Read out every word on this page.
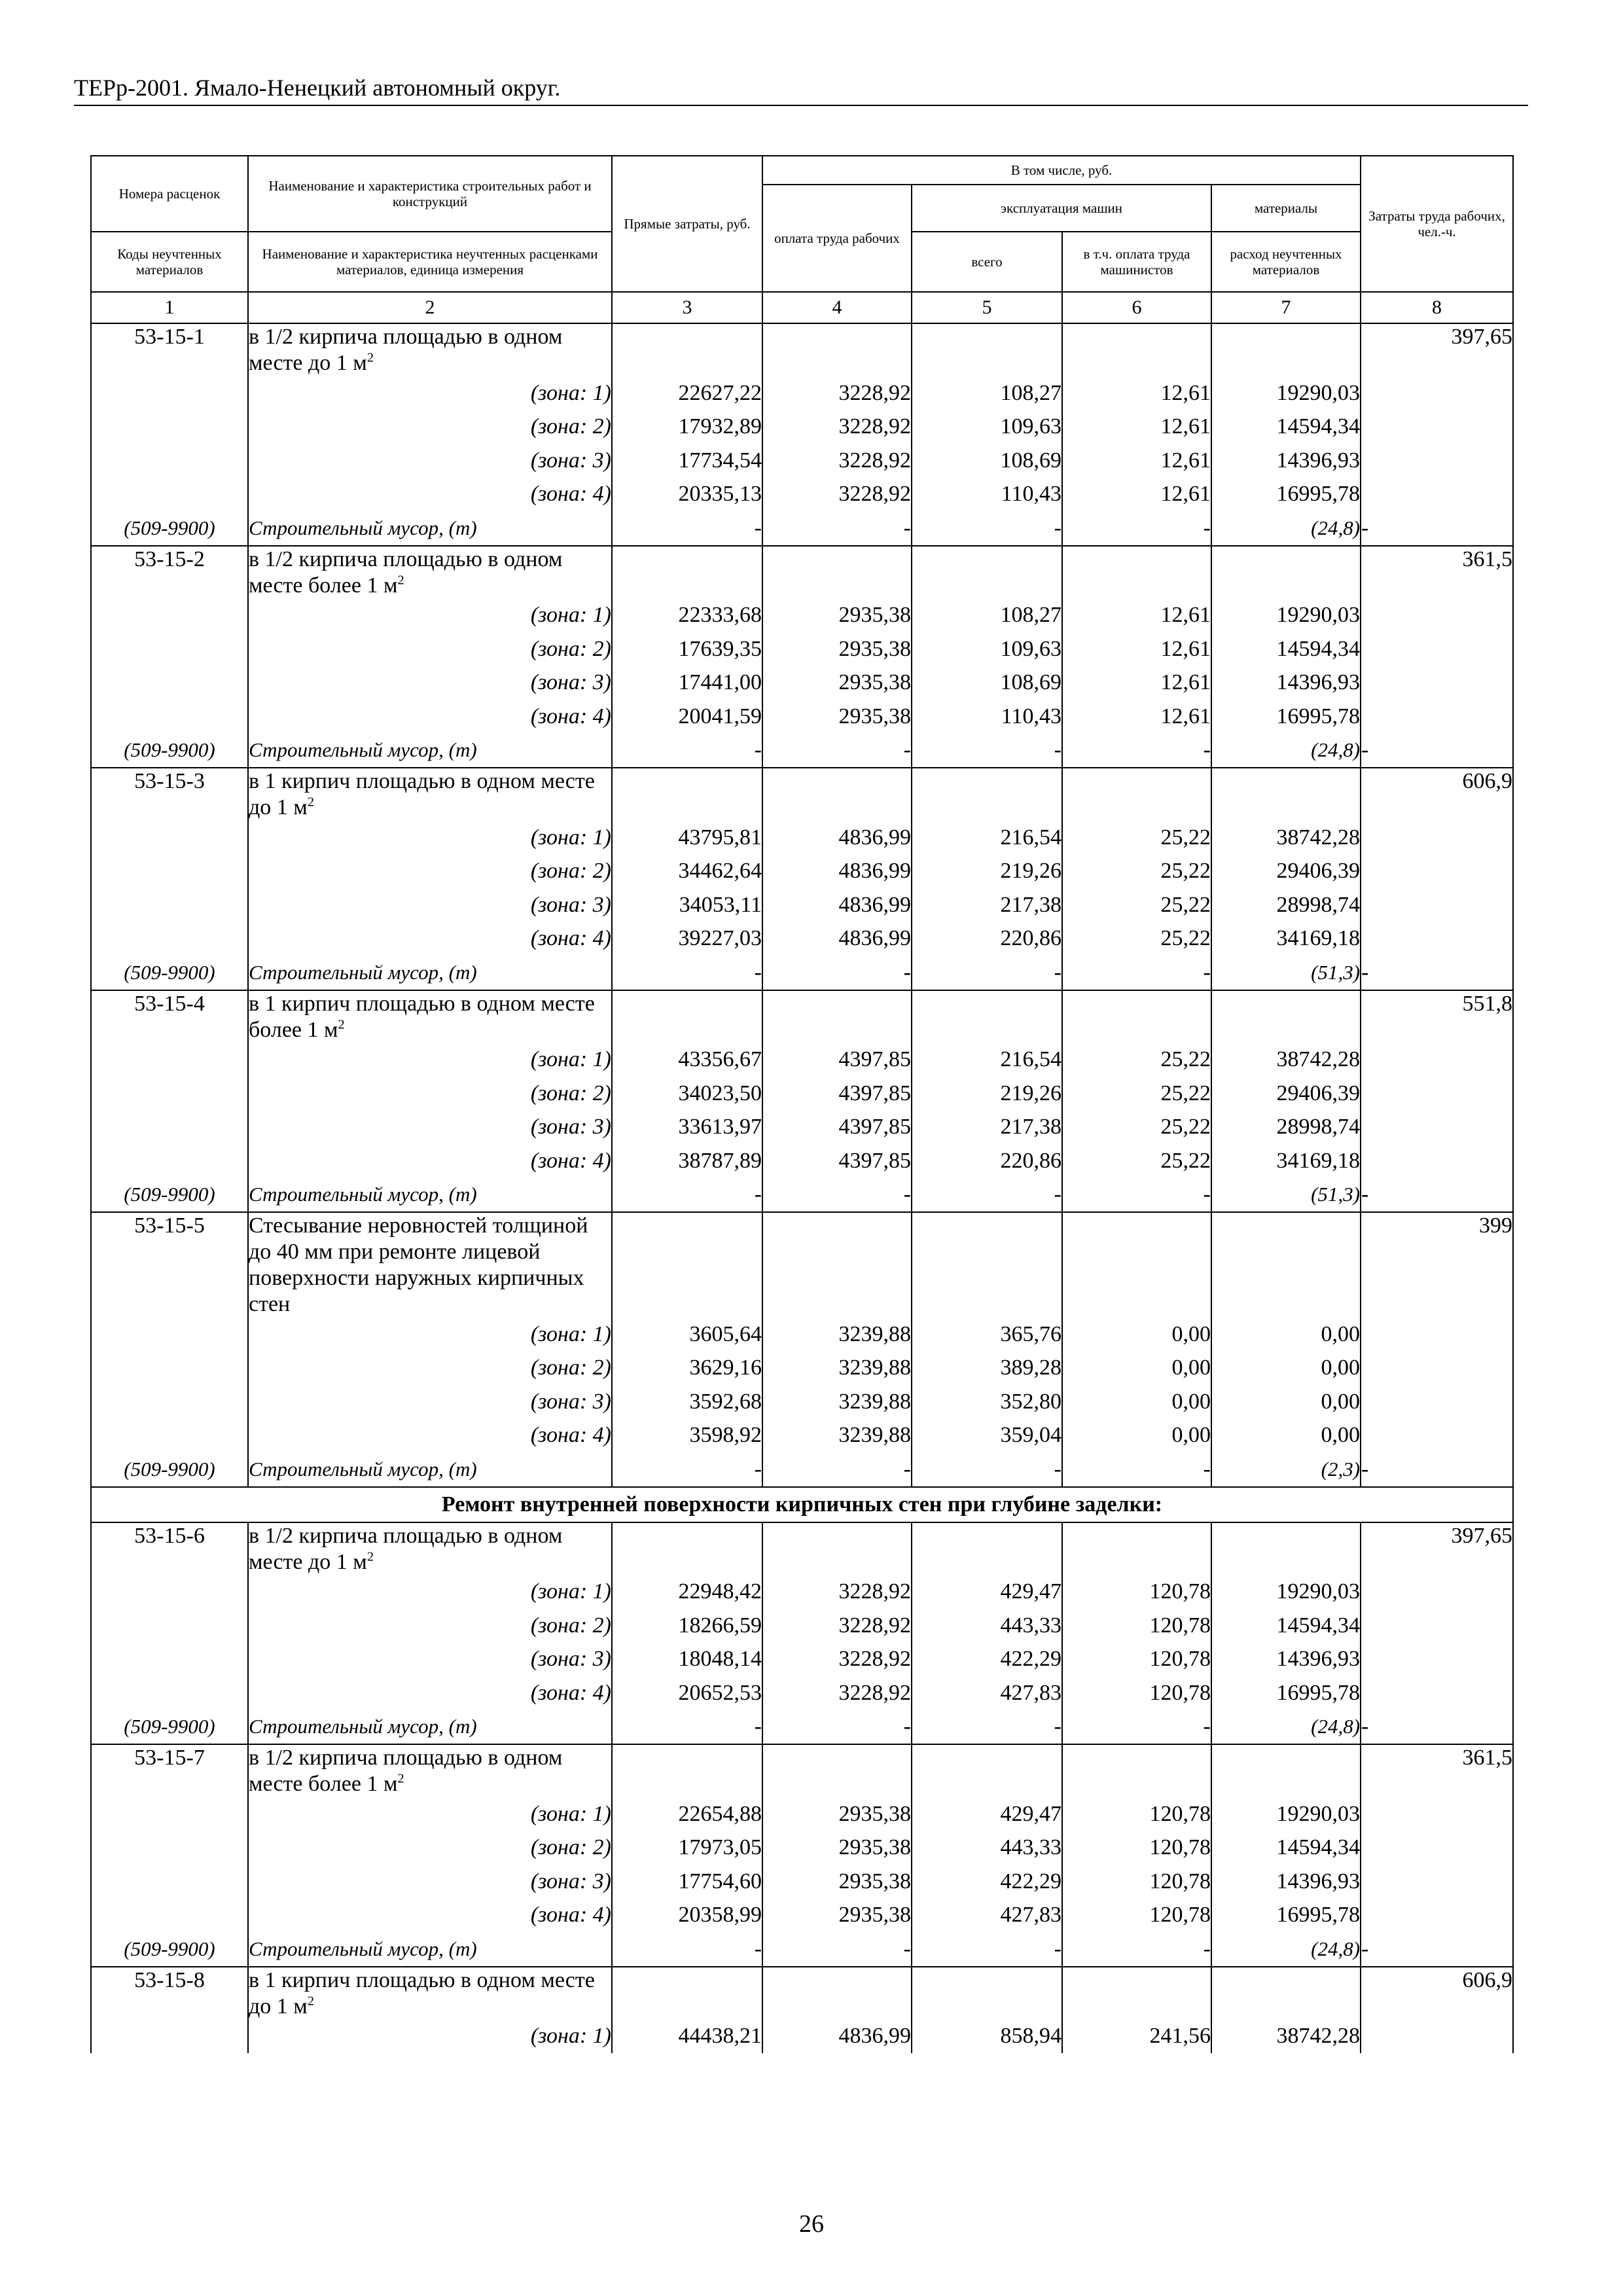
ТЕРр-2001. Ямало-Ненецкий автономный округ.
Номера расценок	Наименование и характеристика строительных работ и конструкций	Прямые затраты, руб.	В том числе, руб.				Затраты труда рабочих, чел.-ч.
			оплата труда рабочих	эксплуатация машин		материалы	
Коды неучтенных материалов	Наименование и характеристика неучтенных расценками материалов, единица измерения			всего	в т.ч. оплата труда машинистов	расход неучтенных материалов	
1	2	3	4	5	6	7	8
53-15-1	в 1/2 кирпича площадью в одном месте до 1 $м^2$						397,65
	(зона: 1)	22627,22	3228,92	108,27	12,61	19290,03	
	(зона: 2)	17932,89	3228,92	109,63	12,61	14594,34	
	(зона: 3)	17734,54	3228,92	108,69	12,61	14396,93	
	(зона: 4)	20335,13	3228,92	110,43	12,61	16995,78	
(509-9900)	Строительный мусор, (т)	-	-	-	-	(24,8)	-
53-15-2	в 1/2 кирпича площадью в одном месте более 1 $м^2$						361,5
	(зона: 1)	22333,68	2935,38	108,27	12,61	19290,03	
	(зона: 2)	17639,35	2935,38	109,63	12,61	14594,34	
	(зона: 3)	17441,00	2935,38	108,69	12,61	14396,93	
	(зона: 4)	20041,59	2935,38	110,43	12,61	16995,78	
(509-9900)	Строительный мусор, (т)	-	-	-	-	(24,8)	-
53-15-3	в 1 кирпич площадью в одном месте до 1 $м^2$						606,9
	(зона: 1)	43795,81	4836,99	216,54	25,22	38742,28	
	(зона: 2)	34462,64	4836,99	219,26	25,22	29406,39	
	(зона: 3)	34053,11	4836,99	217,38	25,22	28998,74	
	(зона: 4)	39227,03	4836,99	220,86	25,22	34169,18	
(509-9900)	Строительный мусор, (т)	-	-	-	-	(51,3)	-
53-15-4	в 1 кирпич площадью в одном месте более 1 $м^2$						551,8
	(зона: 1)	43356,67	4397,85	216,54	25,22	38742,28	
	(зона: 2)	34023,50	4397,85	219,26	25,22	29406,39	
	(зона: 3)	33613,97	4397,85	217,38	25,22	28998,74	
	(зона: 4)	38787,89	4397,85	220,86	25,22	34169,18	
(509-9900)	Строительный мусор, (т)	-	-	-	-	(51,3)	-
53-15-5	Стесывание неровностей толщиной до 40 мм при ремонте лицевой поверхности наружных кирпичных стен						399
	(зона: 1)	3605,64	3239,88	365,76	0,00	0,00	
	(зона: 2)	3629,16	3239,88	389,28	0,00	0,00	
	(зона: 3)	3592,68	3239,88	352,80	0,00	0,00	
	(зона: 4)	3598,92	3239,88	359,04	0,00	0,00	
(509-9900)	Строительный мусор, (т)	-	-	-	-	(2,3)	-
Ремонт внутренней поверхности кирпичных стен при глубине заделки:							
53-15-6	в 1/2 кирпича площадью в одном месте до 1 $м^2$						397,65
	(зона: 1)	22948,42	3228,92	429,47	120,78	19290,03	
	(зона: 2)	18266,59	3228,92	443,33	120,78	14594,34	
	(зона: 3)	18048,14	3228,92	422,29	120,78	14396,93	
	(зона: 4)	20652,53	3228,92	427,83	120,78	16995,78	
(509-9900)	Строительный мусор, (т)	-	-	-	-	(24,8)	-
53-15-7	в 1/2 кирпича площадью в одном месте более 1 $м^2$						361,5
	(зона: 1)	22654,88	2935,38	429,47	120,78	19290,03	
	(зона: 2)	17973,05	2935,38	443,33	120,78	14594,34	
	(зона: 3)	17754,60	2935,38	422,29	120,78	14396,93	
	(зона: 4)	20358,99	2935,38	427,83	120,78	16995,78	
(509-9900)	Строительный мусор, (т)	-	-	-	-	(24,8)	-
53-15-8	в 1 кирпич площадью в одном месте до 1 $м^2$						606,9
	(зона: 1)	44438,21	4836,99	858,94	241,56	38742,28	
26
